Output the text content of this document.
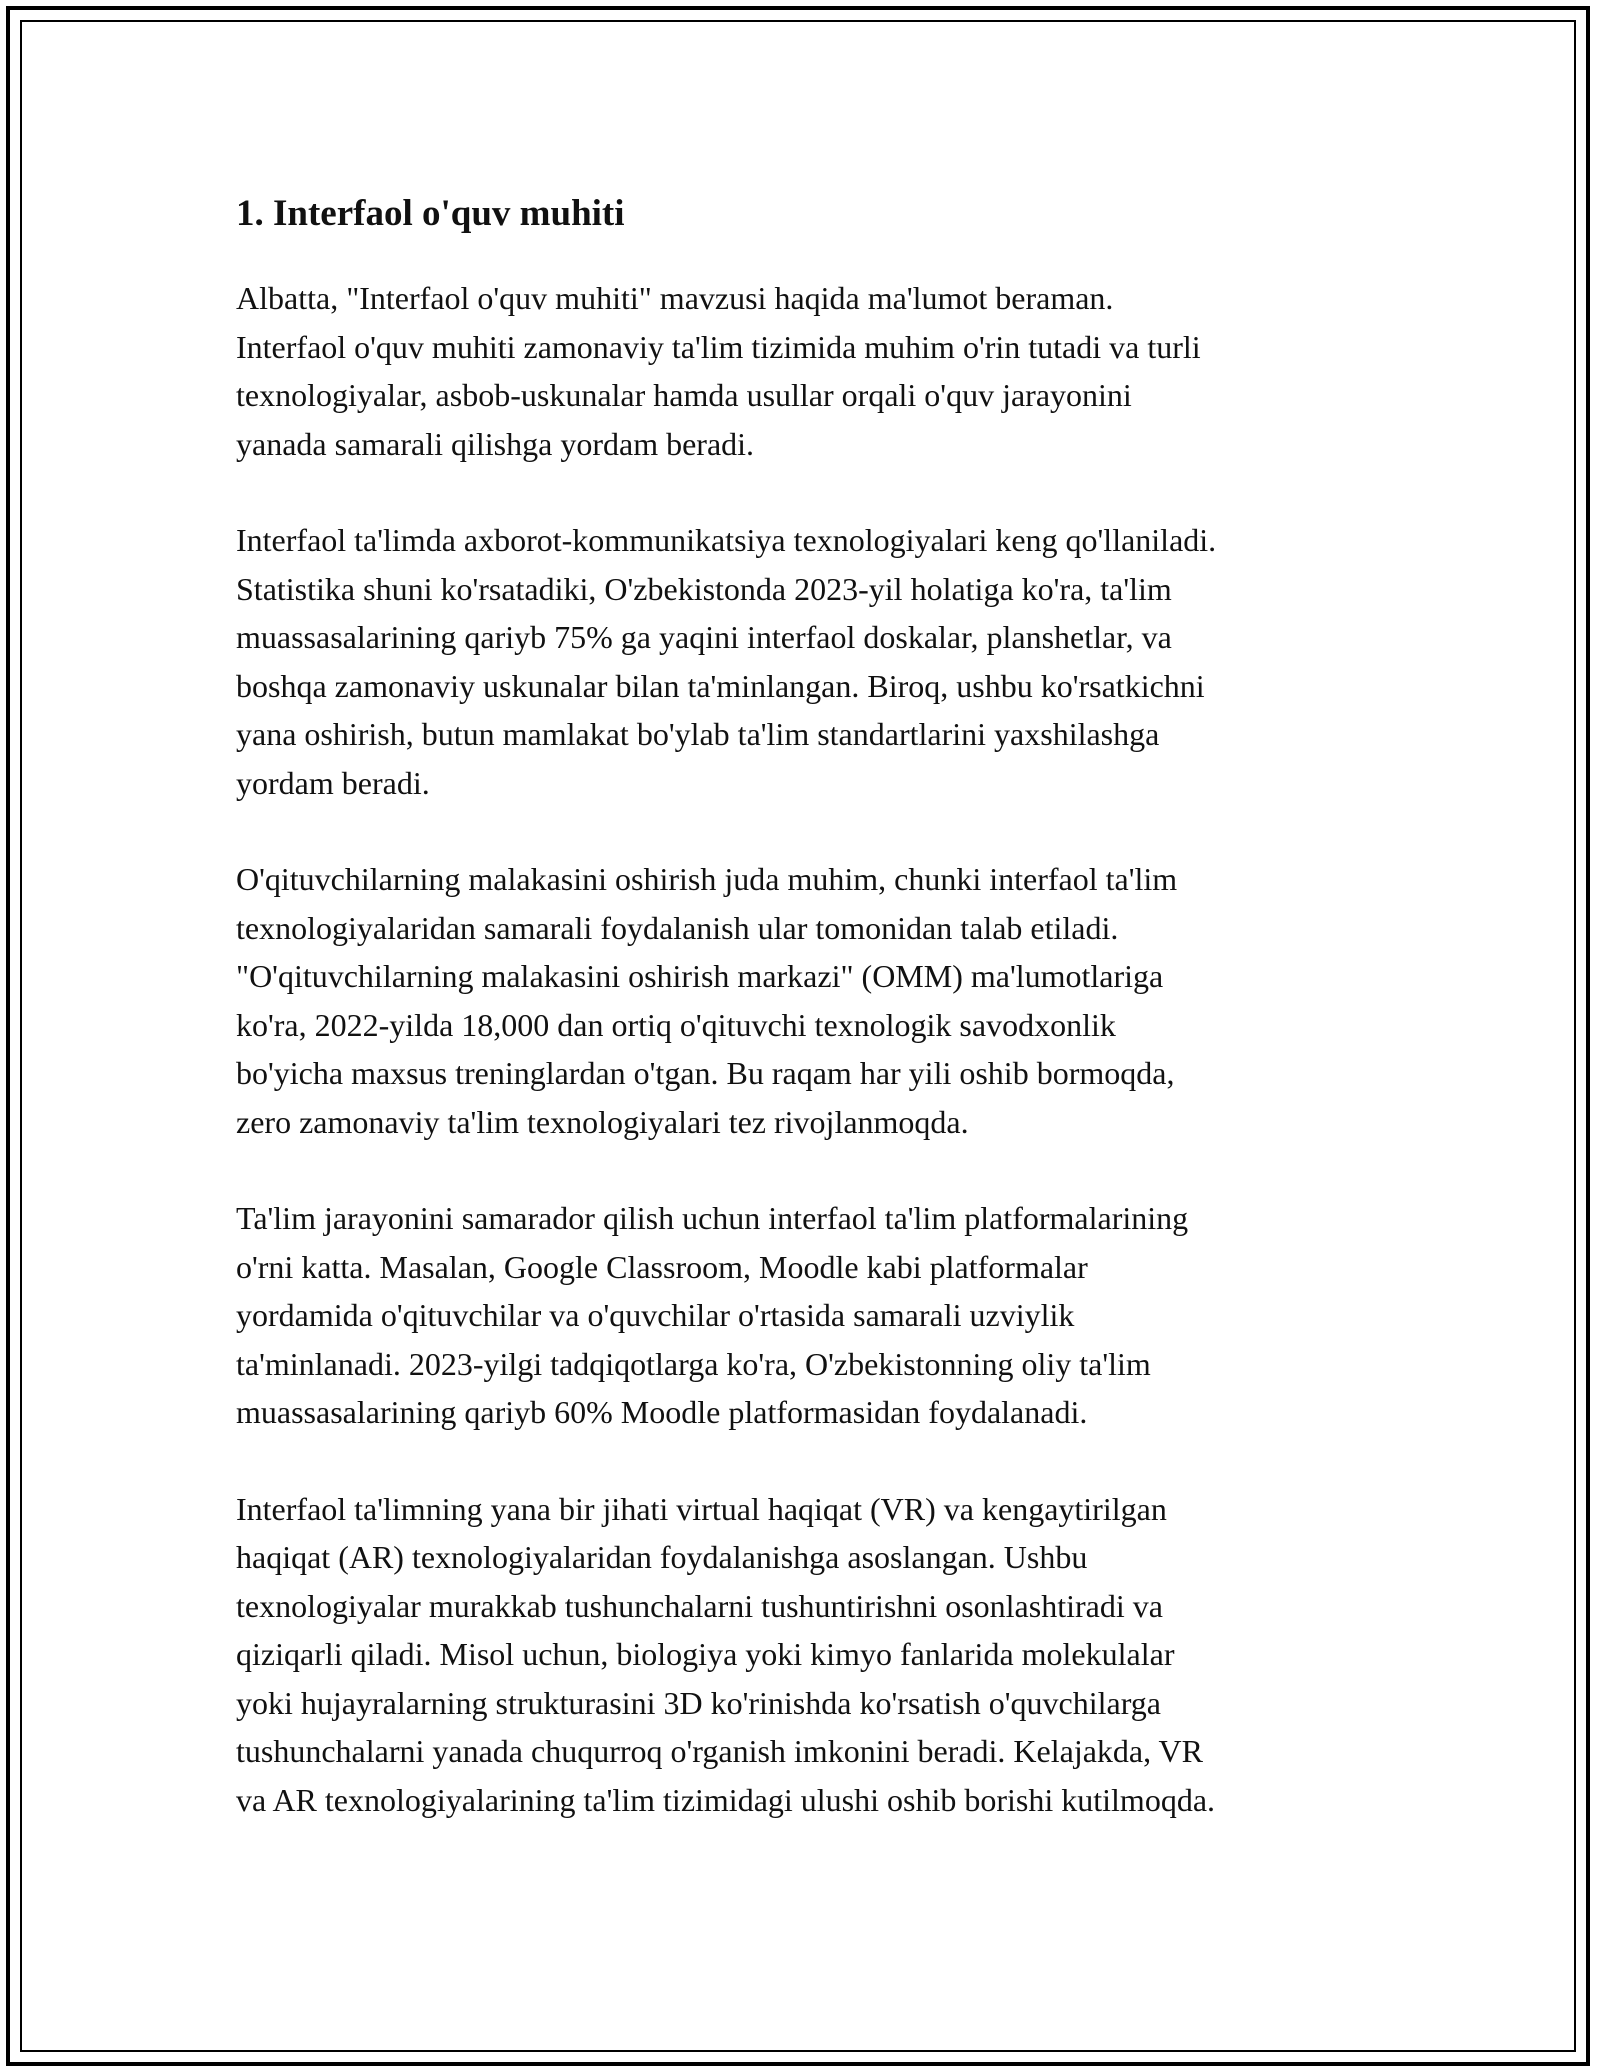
1. Interfaol o'quv muhiti

Albatta, "Interfaol o'quv muhiti" mavzusi haqida ma'lumot beraman.
Interfaol o'quv muhiti zamonaviy ta'lim tizimida muhim o'rin tutadi va turli
texnologiyalar, asbob-uskunalar hamda usullar orqali o'quv jarayonini
yanada samarali qilishga yordam beradi.

Interfaol ta'limda axborot-kommunikatsiya texnologiyalari keng qo'llaniladi.
Statistika shuni ko'rsatadiki, O'zbekistonda 2023-yil holatiga ko'ra, ta'lim
muassasalarining qariyb 75% ga yaqini interfaol doskalar, planshetlar, va
boshqa zamonaviy uskunalar bilan ta'minlangan. Biroq, ushbu ko'rsatkichni
yana oshirish, butun mamlakat bo'ylab ta'lim standartlarini yaxshilashga
yordam beradi.

O'qituvchilarning malakasini oshirish juda muhim, chunki interfaol ta'lim
texnologiyalaridan samarali foydalanish ular tomonidan talab etiladi.
"O'qituvchilarning malakasini oshirish markazi" (OMM) ma'lumotlariga
ko'ra, 2022-yilda 18,000 dan ortiq o'qituvchi texnologik savodxonlik
bo'yicha maxsus treninglardan o'tgan. Bu raqam har yili oshib bormoqda,
zero zamonaviy ta'lim texnologiyalari tez rivojlanmoqda.

Ta'lim jarayonini samarador qilish uchun interfaol ta'lim platformalarining
o'rni katta. Masalan, Google Classroom, Moodle kabi platformalar
yordamida o'qituvchilar va o'quvchilar o'rtasida samarali uzviylik
ta'minlanadi. 2023-yilgi tadqiqotlarga ko'ra, O'zbekistonning oliy ta'lim
muassasalarining qariyb 60% Moodle platformasidan foydalanadi.

Interfaol ta'limning yana bir jihati virtual haqiqat (VR) va kengaytirilgan
haqiqat (AR) texnologiyalaridan foydalanishga asoslangan. Ushbu
texnologiyalar murakkab tushunchalarni tushuntirishni osonlashtiradi va
qiziqarli qiladi. Misol uchun, biologiya yoki kimyo fanlarida molekulalar
yoki hujayralarning strukturasini 3D ko'rinishda ko'rsatish o'quvchilarga
tushunchalarni yanada chuqurroq o'rganish imkonini beradi. Kelajakda, VR
va AR texnologiyalarining ta'lim tizimidagi ulushi oshib borishi kutilmoqda.
